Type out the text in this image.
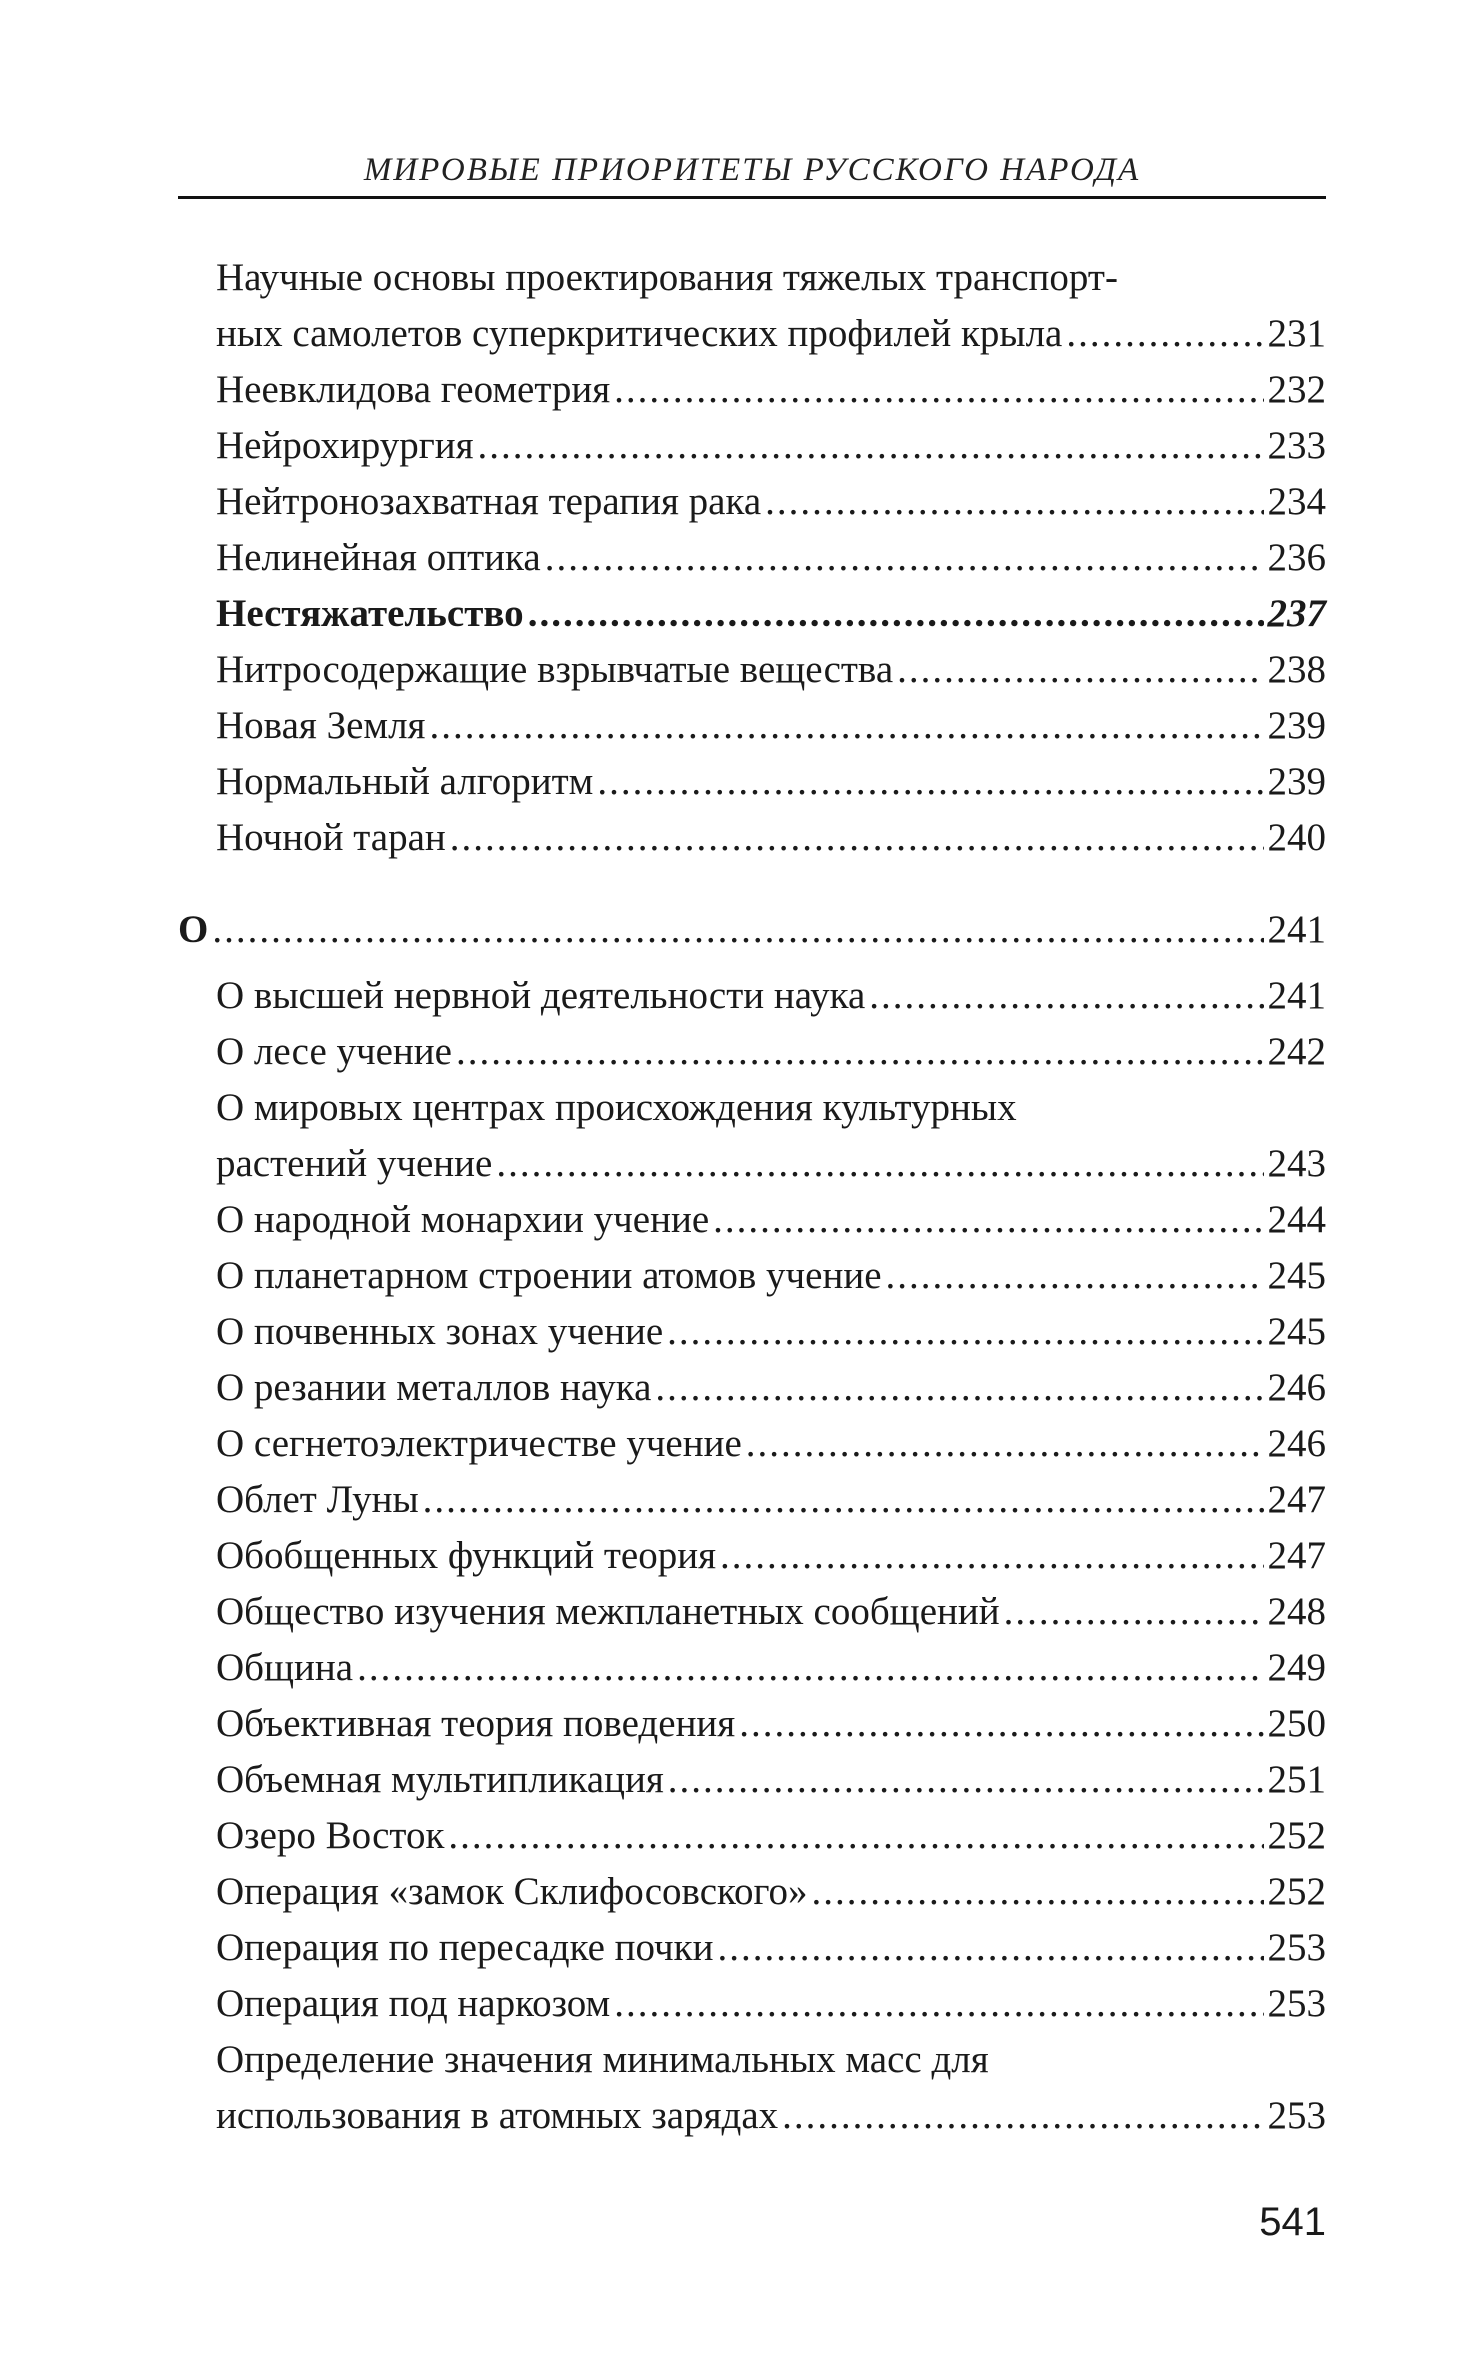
МИРОВЫЕ ПРИОРИТЕТЫ РУССКОГО НАРОДА
Научные основы проектирования тяжелых транспорт-
ных самолетов суперкритических профилей крыла .....	231
Неевклидова геометрия .....	232
Нейрохирургия .....	233
Нейтронозахватная терапия рака .....	234
Нелинейная оптика .....	236
Нестяжательство .....	237
Нитросодержащие взрывчатые вещества .....	238
Новая Земля .....	239
Нормальный алгоритм .....	239
Ночной таран .....	240
О .....	241
О высшей нервной деятельности наука .....	241
О лесе учение .....	242
О мировых центрах происхождения культурных
растений учение .....	243
О народной монархии учение .....	244
О планетарном строении атомов учение .....	245
О почвенных зонах учение .....	245
О резании металлов наука .....	246
О сегнетоэлектричестве учение .....	246
Облет Луны .....	247
Обобщенных функций теория .....	247
Общество изучения межпланетных сообщений .....	248
Община .....	249
Объективная теория поведения .....	250
Объемная мультипликация .....	251
Озеро Восток .....	252
Операция «замок Склифосовского» .....	252
Операция по пересадке почки .....	253
Операция под наркозом .....	253
Определение значения минимальных масс для
использования в атомных зарядах .....	253
541
